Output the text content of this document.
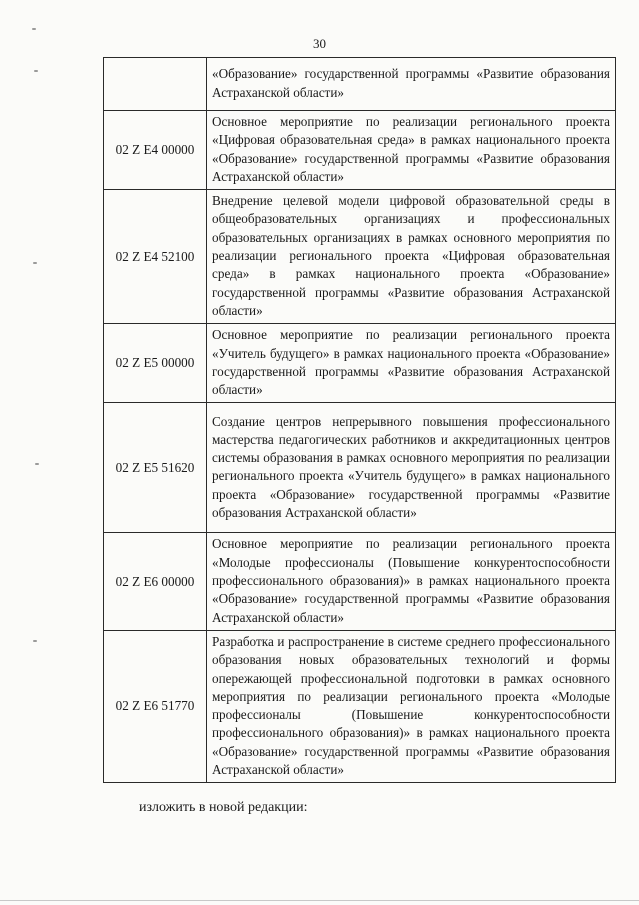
30
	«Образование» государственной программы «Развитие образования Астраханской области»
02 Z E4 00000	Основное мероприятие по реализации регионального проекта «Цифровая образовательная среда» в рамках национального проекта «Образование» государственной программы «Развитие образования Астраханской области»
02 Z E4 52100	Внедрение целевой модели цифровой образовательной среды в общеобразовательных организациях и профессиональных образовательных организациях в рамках основного мероприятия по реализации регионального проекта «Цифровая образовательная среда» в рамках национального проекта «Образование» государственной программы «Развитие образования Астраханской области»
02 Z E5 00000	Основное мероприятие по реализации регионального проекта «Учитель будущего» в рамках национального проекта «Образование» государственной программы «Развитие образования Астраханской области»
02 Z E5 51620	Создание центров непрерывного повышения профессионального мастерства педагогических работников и аккредитационных центров системы образования в рамках основного мероприятия по реализации регионального проекта «Учитель будущего» в рамках национального проекта «Образование» государственной программы «Развитие образования Астраханской области»
02 Z E6 00000	Основное мероприятие по реализации регионального проекта «Молодые профессионалы (Повышение конкурентоспособности профессионального образования)» в рамках национального проекта «Образование» государственной программы «Развитие образования Астраханской области»
02 Z E6 51770	Разработка и распространение в системе среднего профессионального образования новых образовательных технологий и формы опережающей профессиональной подготовки в рамках основного мероприятия по реализации регионального проекта «Молодые профессионалы (Повышение конкурентоспособности профессионального образования)» в рамках национального проекта «Образование» государственной программы «Развитие образования Астраханской области»
изложить в новой редакции:
